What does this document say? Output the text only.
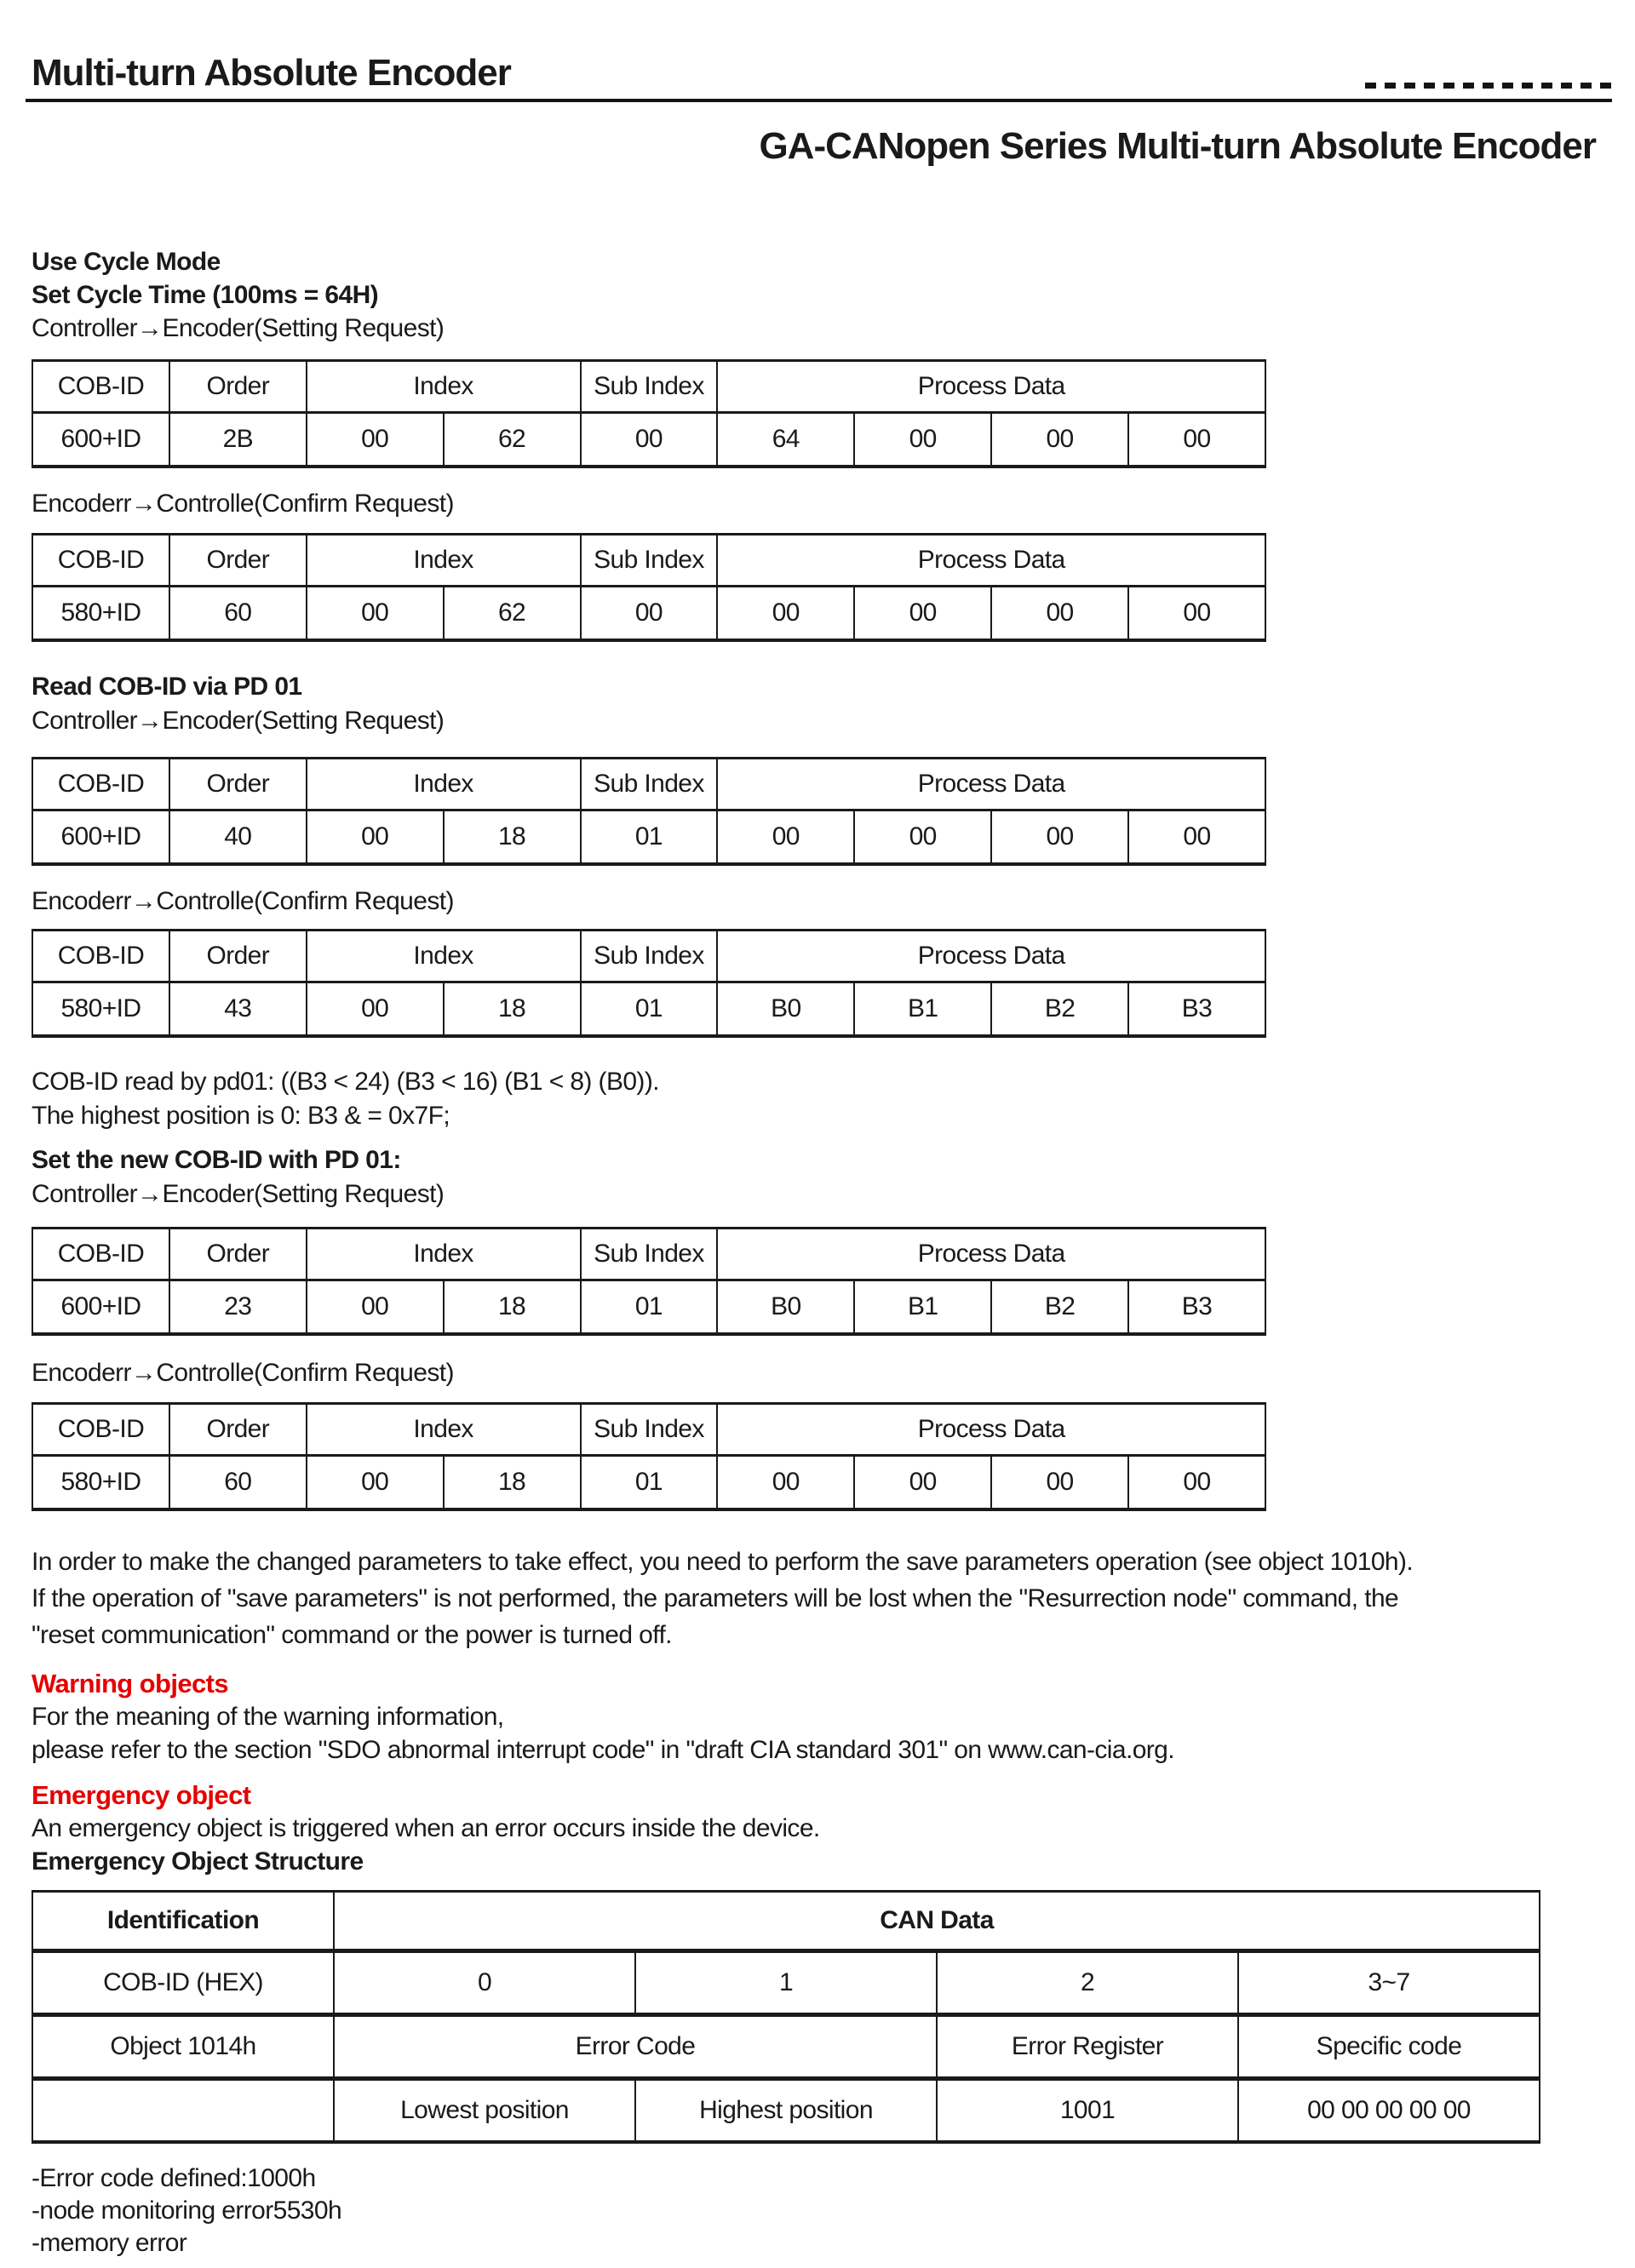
Multi-turn Absolute Encoder
GA-CANopen Series Multi-turn Absolute Encoder
Use Cycle Mode
Set Cycle Time (100ms = 64H)
Controller→Encoder(Setting Request)
COB-ID	Order	Index		Sub Index	Process Data			
600+ID	2B	00	62	00	64	00	00	00
Encoderr→Controlle(Confirm Request)
COB-ID	Order	Index		Sub Index	Process Data			
580+ID	60	00	62	00	00	00	00	00
Read COB-ID via PD 01
Controller→Encoder(Setting Request)
COB-ID	Order	Index		Sub Index	Process Data			
600+ID	40	00	18	01	00	00	00	00
Encoderr→Controlle(Confirm Request)
COB-ID	Order	Index		Sub Index	Process Data			
580+ID	43	00	18	01	B0	B1	B2	B3
COB-ID read by pd01: ((B3 < 24) (B3 < 16) (B1 < 8) (B0)).
The highest position is 0: B3 & = 0x7F;
Set the new COB-ID with PD 01:
Controller→Encoder(Setting Request)
COB-ID	Order	Index		Sub Index	Process Data			
600+ID	23	00	18	01	B0	B1	B2	B3
Encoderr→Controlle(Confirm Request)
COB-ID	Order	Index		Sub Index	Process Data			
580+ID	60	00	18	01	00	00	00	00
In order to make the changed parameters to take effect, you need to perform the save parameters operation (see object 1010h).
If the operation of "save parameters" is not performed, the parameters will be lost when the "Resurrection node" command, the
"reset communication" command or the power is turned off.
Warning objects
For the meaning of the warning information,
please refer to the section "SDO abnormal interrupt code" in "draft CIA standard 301" on www.can-cia.org.
Emergency object
An emergency object is triggered when an error occurs inside the device.
Emergency Object Structure
Identification	CAN Data			
COB-ID (HEX)	0	1	2	3~7
Object 1014h	Error Code		Error Register	Specific code
	Lowest position	Highest position	1001	00 00 00 00 00
-Error code defined:1000h
-node monitoring error5530h
-memory error
